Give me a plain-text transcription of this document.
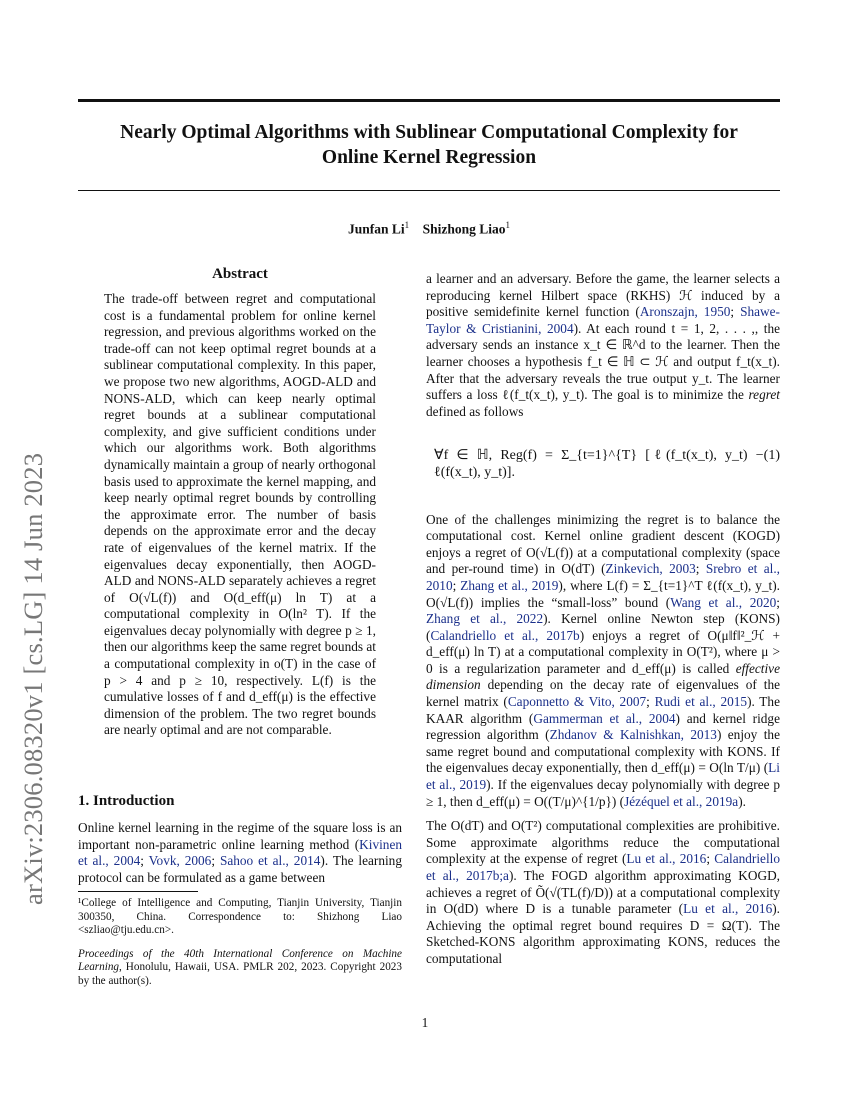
Nearly Optimal Algorithms with Sublinear Computational Complexity for
Online Kernel Regression
Junfan Li$^1$ Shizhong Liao$^1$
arXiv:2306.08320v1 [cs.LG] 14 Jun 2023
Abstract
The trade-off between regret and computational cost is a fundamental problem for online kernel regression, and previous algorithms worked on the trade-off can not keep optimal regret bounds at a sublinear computational complexity. In this paper, we propose two new algorithms, AOGD-ALD and NONS-ALD, which can keep nearly optimal regret bounds at a sublinear computational complexity, and give sufficient conditions under which our algorithms work. Both algorithms dynamically maintain a group of nearly orthogonal basis used to approximate the kernel mapping, and keep nearly optimal regret bounds by controlling the approximate error. The number of basis depends on the approximate error and the decay rate of eigenvalues of the kernel matrix. If the eigenvalues decay exponentially, then AOGD-ALD and NONS-ALD separately achieves a regret of O(√L(f)) and O(d_eff(μ) ln T) at a computational complexity in O(ln² T). If the eigenvalues decay polynomially with degree p ≥ 1, then our algorithms keep the same regret bounds at a computational complexity in o(T) in the case of p > 4 and p ≥ 10, respectively. L(f) is the cumulative losses of f and d_eff(μ) is the effective dimension of the problem. The two regret bounds are nearly optimal and are not comparable.
1. Introduction
Online kernel learning in the regime of the square loss is an important non-parametric online learning method (Kivinen et al., 2004; Vovk, 2006; Sahoo et al., 2014). The learning protocol can be formulated as a game between
¹College of Intelligence and Computing, Tianjin University, Tianjin 300350, China. Correspondence to: Shizhong Liao <szliao@tju.edu.cn>.
Proceedings of the 40th International Conference on Machine Learning, Honolulu, Hawaii, USA. PMLR 202, 2023. Copyright 2023 by the author(s).

a learner and an adversary. Before the game, the learner selects a reproducing kernel Hilbert space (RKHS) ℋ induced by a positive semidefinite kernel function (Aronszajn, 1950; Shawe-Taylor & Cristianini, 2004). At each round t = 1, 2, . . . ,, the adversary sends an instance x_t ∈ ℝ^d to the learner. Then the learner chooses a hypothesis f_t ∈ ℍ ⊂ ℋ and output f_t(x_t). After that the adversary reveals the true output y_t. The learner suffers a loss ℓ(f_t(x_t), y_t). The goal is to minimize the regret defined as follows

∀f ∈ ℍ, Reg(f) = Σ_{t=1}^{T} [ℓ(f_t(x_t), y_t) − ℓ(f(x_t), y_t)].
(1)

One of the challenges minimizing the regret is to balance the computational cost. Kernel online gradient descent (KOGD) enjoys a regret of O(√L(f)) at a computational complexity (space and per-round time) in O(dT) (Zinkevich, 2003; Srebro et al., 2010; Zhang et al., 2019), where L(f) = Σ_{t=1}^T ℓ(f(x_t), y_t). O(√L(f)) implies the “small-loss” bound (Wang et al., 2020; Zhang et al., 2022). Kernel online Newton step (KONS) (Calandriello et al., 2017b) enjoys a regret of O(μ‖f‖²_ℋ + d_eff(μ) ln T) at a computational complexity in O(T²), where μ > 0 is a regularization parameter and d_eff(μ) is called effective dimension depending on the decay rate of eigenvalues of the kernel matrix (Caponnetto & Vito, 2007; Rudi et al., 2015). The KAAR algorithm (Gammerman et al., 2004) and kernel ridge regression algorithm (Zhdanov & Kalnishkan, 2013) enjoy the same regret bound and computational complexity with KONS. If the eigenvalues decay exponentially, then d_eff(μ) = O(ln T/μ) (Li et al., 2019). If the eigenvalues decay polynomially with degree p ≥ 1, then d_eff(μ) = O((T/μ)^{1/p}) (Jézéquel et al., 2019a).

The O(dT) and O(T²) computational complexities are prohibitive. Some approximate algorithms reduce the computational complexity at the expense of regret (Lu et al., 2016; Calandriello et al., 2017b;a). The FOGD algorithm approximating KOGD, achieves a regret of Õ(√(TL(f)/D)) at a computational complexity in O(dD) where D is a tunable parameter (Lu et al., 2016). Achieving the optimal regret bound requires D = Ω(T). The Sketched-KONS algorithm approximating KONS, reduces the computational

1
